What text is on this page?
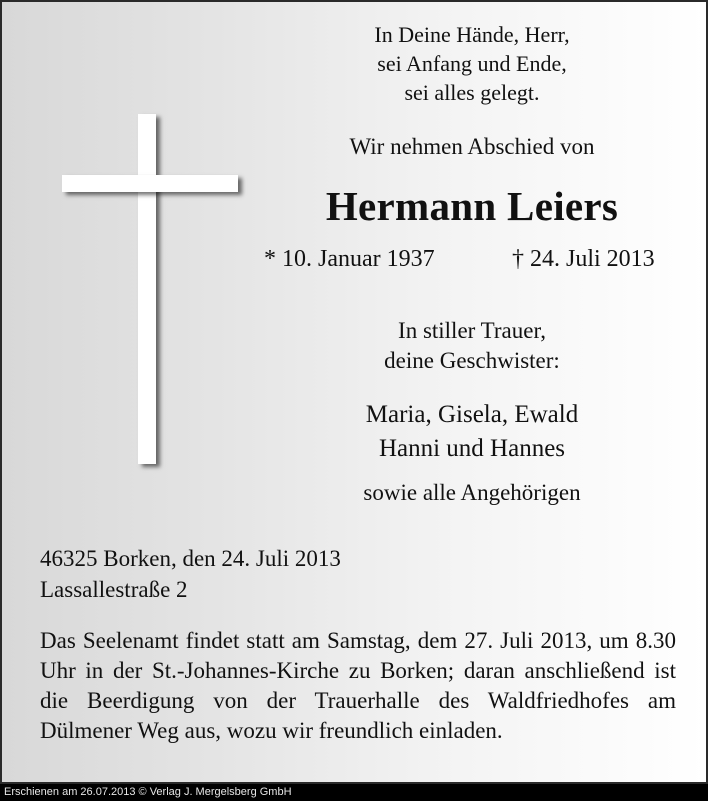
In Deine Hände, Herr,
sei Anfang und Ende,
sei alles gelegt.
Wir nehmen Abschied von
Hermann Leiers
* 10. Januar 1937	† 24. Juli 2013
In stiller Trauer,
deine Geschwister:
Maria, Gisela, Ewald
Hanni und Hannes
sowie alle Angehörigen
46325 Borken, den 24. Juli 2013
Lassallestraße 2
Das Seelenamt findet statt am Samstag, dem 27. Juli 2013, um 8.30 Uhr in der St.-Johannes-Kirche zu Borken; daran anschließend ist die Beerdigung von der Trauerhalle des Waldfriedhofes am Dülmener Weg aus, wozu wir freundlich einladen.
Erschienen am 26.07.2013 © Verlag J. Mergelsberg GmbH
